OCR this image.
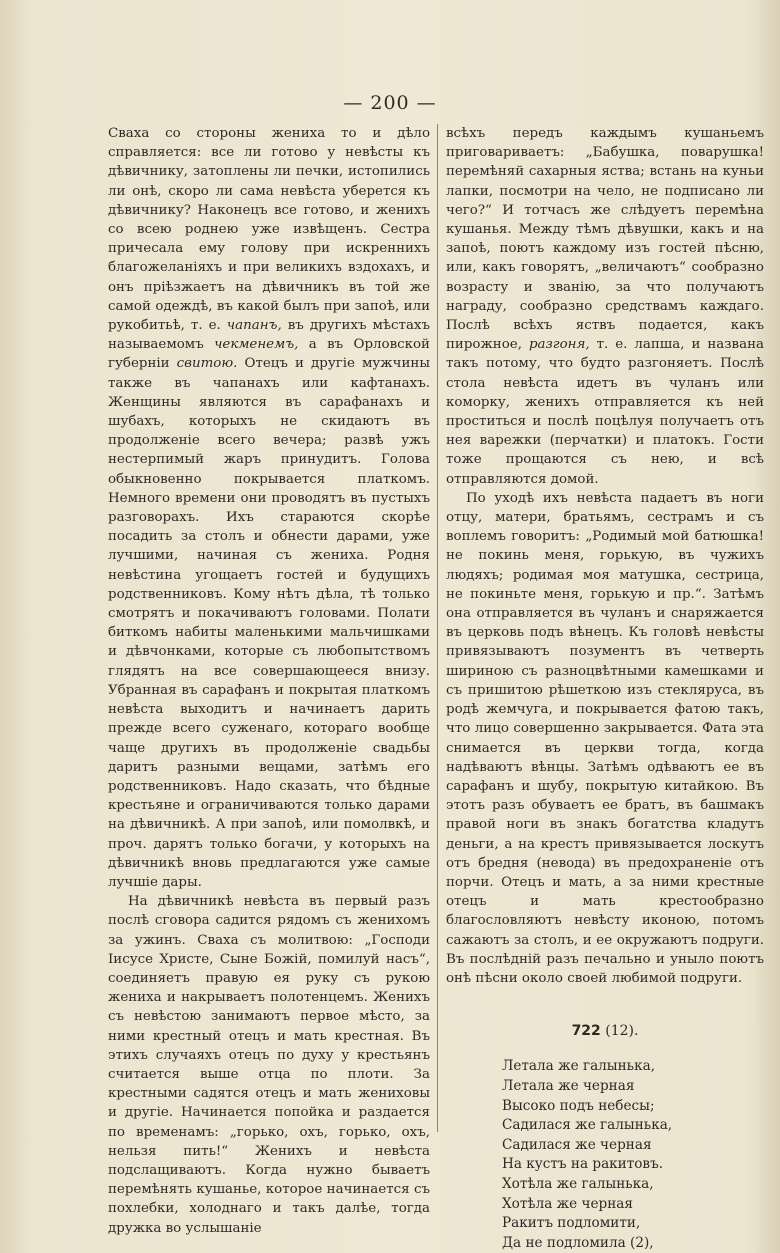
— 200 —

Сваха со стороны жениха то и дѣло справляется: все ли готово у невѣсты къ дѣвичнику, затоплены ли печки, истопились ли онѣ, скоро ли сама невѣста уберется къ дѣвичнику? Наконецъ все готово, и женихъ со всею роднею уже извѣщенъ. Сестра причесала ему голову при искреннихъ благожеланіяхъ и при великихъ вздохахъ, и онъ пріѣзжаетъ на дѣвичникъ въ той же самой одеждѣ, въ какой былъ при запоѣ, или рукобитьѣ, т. е. чапанъ, въ другихъ мѣстахъ называемомъ чекменемъ, а въ Орловской губерніи свитою. Отецъ и другіе мужчины также въ чапанахъ или кафтанахъ. Женщины являются въ сарафанахъ и шубахъ, которыхъ не скидаютъ въ продолженіе всего вечера; развѣ ужъ нестерпимый жаръ принудитъ. Голова обыкновенно покрывается платкомъ. Немного времени они проводятъ въ пустыхъ разговорахъ. Ихъ стараются скорѣе посадить за столъ и обнести дарами, уже лучшими, начиная съ жениха. Родня невѣстина угощаетъ гостей и будущихъ родственниковъ. Кому нѣтъ дѣла, тѣ только смотрятъ и покачиваютъ головами. Полати биткомъ набиты маленькими мальчишками и дѣвчонками, которые съ любопытствомъ глядятъ на все совершающееся внизу. Убранная въ сарафанъ и покрытая платкомъ невѣста выходитъ и начинаетъ дарить прежде всего суженаго, котораго вообще чаще другихъ въ продолженіе свадьбы даритъ разными вещами, затѣмъ его родственниковъ. Надо сказать, что бѣдные крестьяне и ограничиваются только дарами на дѣвичникѣ. А при запоѣ, или помолвкѣ, и проч. дарятъ только богачи, у которыхъ на дѣвичникѣ вновь предлагаются уже самые лучшіе дары.

На дѣвичникѣ невѣста въ первый разъ послѣ сговора садится рядомъ съ женихомъ за ужинъ. Сваха съ молитвою: „Господи Іисусе Христе, Сыне Божій, помилуй насъ“, соединяетъ правую ея руку съ рукою жениха и накрываетъ полотенцемъ. Женихъ съ невѣстою занимаютъ первое мѣсто, за ними крестный отецъ и мать крестная. Въ этихъ случаяхъ отецъ по духу у крестьянъ считается выше отца по плоти. За крестными садятся отецъ и мать жениховы и другіе. Начинается попойка и раздается по временамъ: „горько, охъ, горько, охъ, нельзя пить!“ Женихъ и невѣста подслащиваютъ. Когда нужно бываетъ перемѣнять кушанье, которое начинается съ похлебки, холоднаго и такъ далѣе, тогда дружка во услышаніе

всѣхъ передъ каждымъ кушаньемъ приговариваетъ: „Бабушка, поварушка! перемѣняй сахарныя яства; встань на куньи лапки, посмотри на чело, не подписано ли чего?“ И тотчасъ же слѣдуетъ перемѣна кушанья. Между тѣмъ дѣвушки, какъ и на запоѣ, поютъ каждому изъ гостей пѣсню, или, какъ говорятъ, „величаютъ“ сообразно возрасту и званію, за что получаютъ награду, сообразно средствамъ каждаго. Послѣ всѣхъ яствъ подается, какъ пирожное, разгоня, т. е. лапша, и названа такъ потому, что будто разгоняетъ. Послѣ стола невѣста идетъ въ чуланъ или коморку, женихъ отправляется къ ней проститься и послѣ поцѣлуя получаетъ отъ нея варежки (перчатки) и платокъ. Гости тоже прощаются съ нею, и всѣ отправляются домой.

По уходѣ ихъ невѣста падаетъ въ ноги отцу, матери, братьямъ, сестрамъ и съ воплемъ говоритъ: „Родимый мой батюшка! не покинь меня, горькую, въ чужихъ людяхъ; родимая моя матушка, сестрица, не покиньте меня, горькую и пр.“. Затѣмъ она отправляется въ чуланъ и снаряжается въ церковь подъ вѣнецъ. Къ головѣ невѣсты привязываютъ позументъ въ четверть шириною съ разноцвѣтными камешками и съ пришитою рѣшеткою изъ стекляруса, въ родѣ жемчуга, и покрывается фатою такъ, что лицо совершенно закрывается. Фата эта снимается въ церкви тогда, когда надѣваютъ вѣнцы. Затѣмъ одѣваютъ ее въ сарафанъ и шубу, покрытую китайкою. Въ этотъ разъ обуваетъ ее братъ, въ башмакъ правой ноги въ знакъ богатства кладутъ деньги, а на крестъ привязывается лоскутъ отъ бредня (невода) въ предохраненіе отъ порчи. Отецъ и мать, а за ними крестные отецъ и мать крестообразно благословляютъ невѣсту иконою, потомъ сажаютъ за столъ, и ее окружаютъ подруги. Въ послѣдній разъ печально и уныло поютъ онѣ пѣсни около своей любимой подруги.

722 (12).
Летала же галынька,
Летала же черная
Высоко подъ небесы;
Садилася же галынька,
Садилася же черная
На кустъ на ракитовъ.
Хотѣла же галынька,
Хотѣла же черная
Ракитъ подломити,
Да не подломила (2),
